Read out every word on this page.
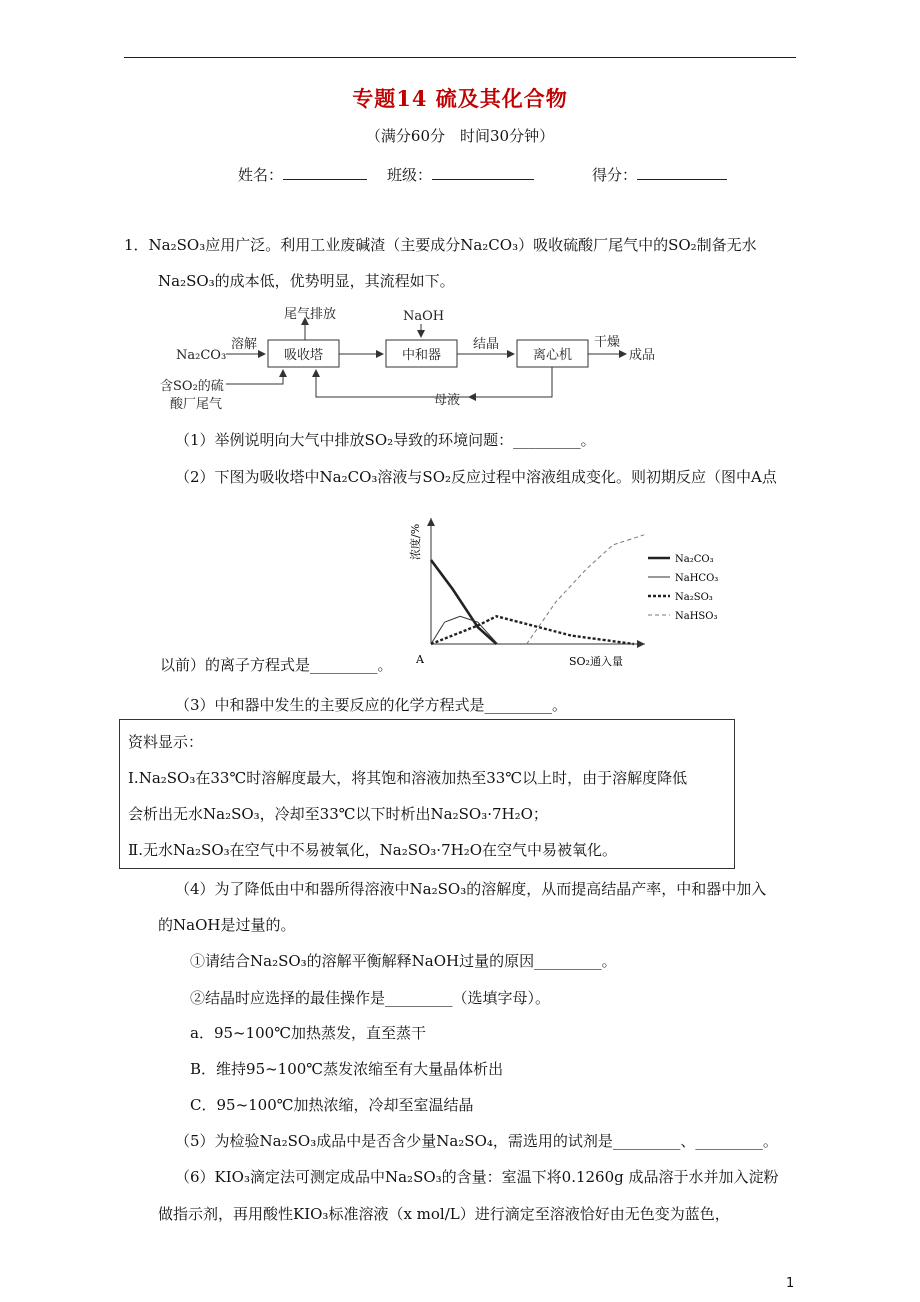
专题14 硫及其化合物
（满分60分　时间30分钟）
姓名：	班级：	得分：
1．Na₂SO₃应用广泛。利用工业废碱渣（主要成分Na₂CO₃）吸收硫酸厂尾气中的SO₂制备无水
Na₂SO₃的成本低，优势明显，其流程如下。
Na₂CO₃
溶解
吸收塔
尾气排放
中和器
NaOH
结晶
离心机
干燥
成品
含SO₂的硫
酸厂尾气	母液
（1）举例说明向大气中排放SO₂导致的环境问题：_________。
（2）下图为吸收塔中Na₂CO₃溶液与SO₂反应过程中溶液组成变化。则初期反应（图中A点
浓度/%
A	SO₂通入量
Na₂CO₃
NaHCO₃
Na₂SO₃
NaHSO₃
以前）的离子方程式是_________。
（3）中和器中发生的主要反应的化学方程式是_________。
资料显示：
Ⅰ.Na₂SO₃在33℃时溶解度最大，将其饱和溶液加热至33℃以上时，由于溶解度降低
会析出无水Na₂SO₃，冷却至33℃以下时析出Na₂SO₃·7H₂O；
Ⅱ.无水Na₂SO₃在空气中不易被氧化，Na₂SO₃·7H₂O在空气中易被氧化。
（4）为了降低由中和器所得溶液中Na₂SO₃的溶解度，从而提高结晶产率，中和器中加入
的NaOH是过量的。
①请结合Na₂SO₃的溶解平衡解释NaOH过量的原因_________。
②结晶时应选择的最佳操作是_________（选填字母）。
a．95~100℃加热蒸发，直至蒸干
B．维持95~100℃蒸发浓缩至有大量晶体析出
C．95~100℃加热浓缩，冷却至室温结晶
（5）为检验Na₂SO₃成品中是否含少量Na₂SO₄，需选用的试剂是_________、_________。
（6）KIO₃滴定法可测定成品中Na₂SO₃的含量：室温下将0.1260g 成品溶于水并加入淀粉
做指示剂，再用酸性KIO₃标准溶液（x mol/L）进行滴定至溶液恰好由无色变为蓝色，
1
